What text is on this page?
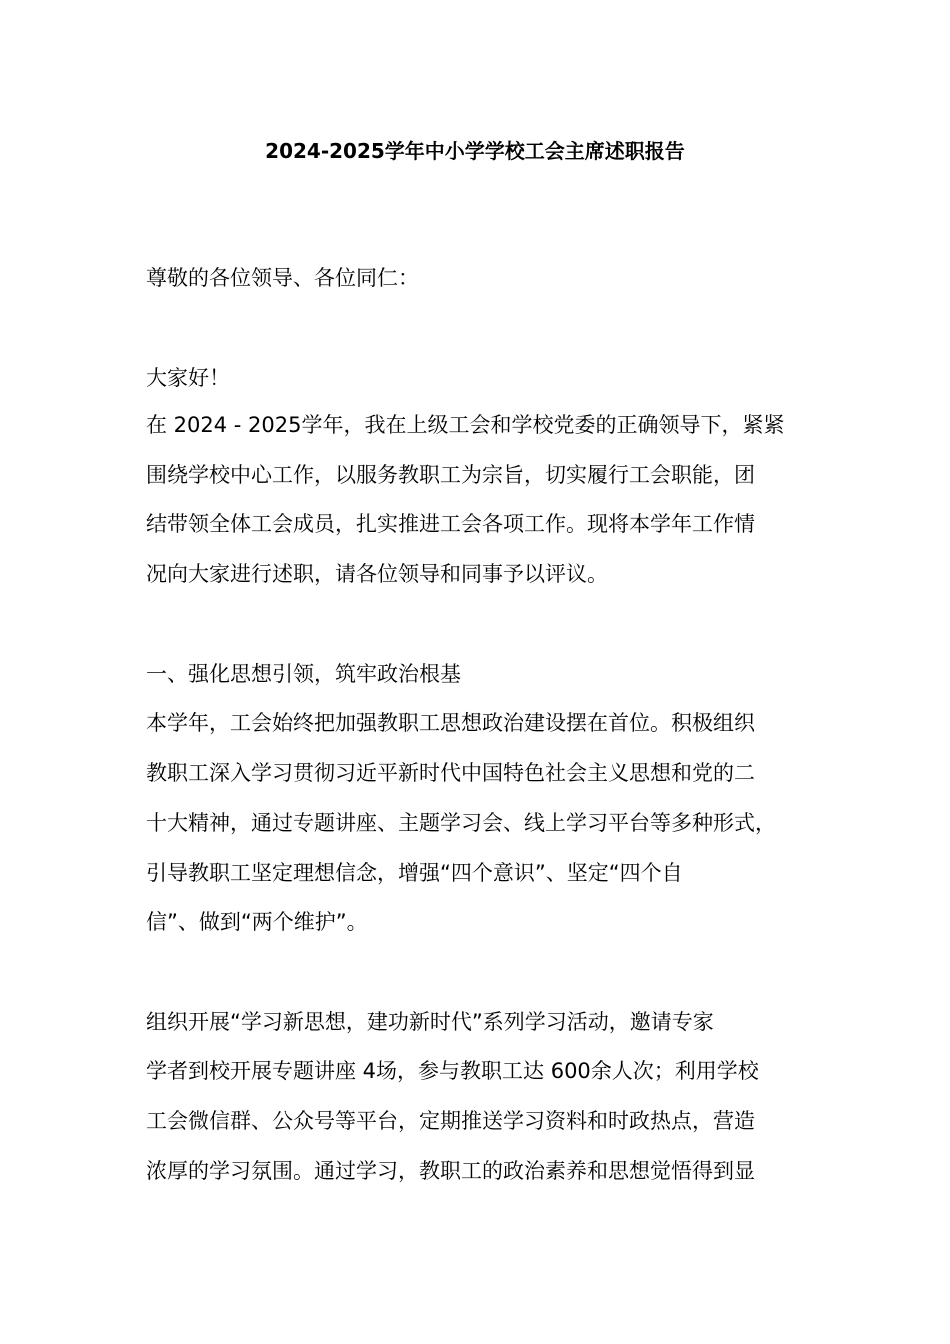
2024-2025学年中小学学校工会主席述职报告
尊敬的各位领导、各位同仁：
大家好！
在 2024 - 2025学年，我在上级工会和学校党委的正确领导下，紧紧
围绕学校中心工作，以服务教职工为宗旨，切实履行工会职能，团
结带领全体工会成员，扎实推进工会各项工作。现将本学年工作情
况向大家进行述职，请各位领导和同事予以评议。
一、强化思想引领，筑牢政治根基
本学年，工会始终把加强教职工思想政治建设摆在首位。积极组织
教职工深入学习贯彻习近平新时代中国特色社会主义思想和党的二
十大精神，通过专题讲座、主题学习会、线上学习平台等多种形式，
引导教职工坚定理想信念，增强“四个意识”、坚定“四个自
信”、做到“两个维护”。
组织开展“学习新思想，建功新时代”系列学习活动，邀请专家
学者到校开展专题讲座 4场，参与教职工达 600余人次；利用学校
工会微信群、公众号等平台，定期推送学习资料和时政热点，营造
浓厚的学习氛围。通过学习，教职工的政治素养和思想觉悟得到显
